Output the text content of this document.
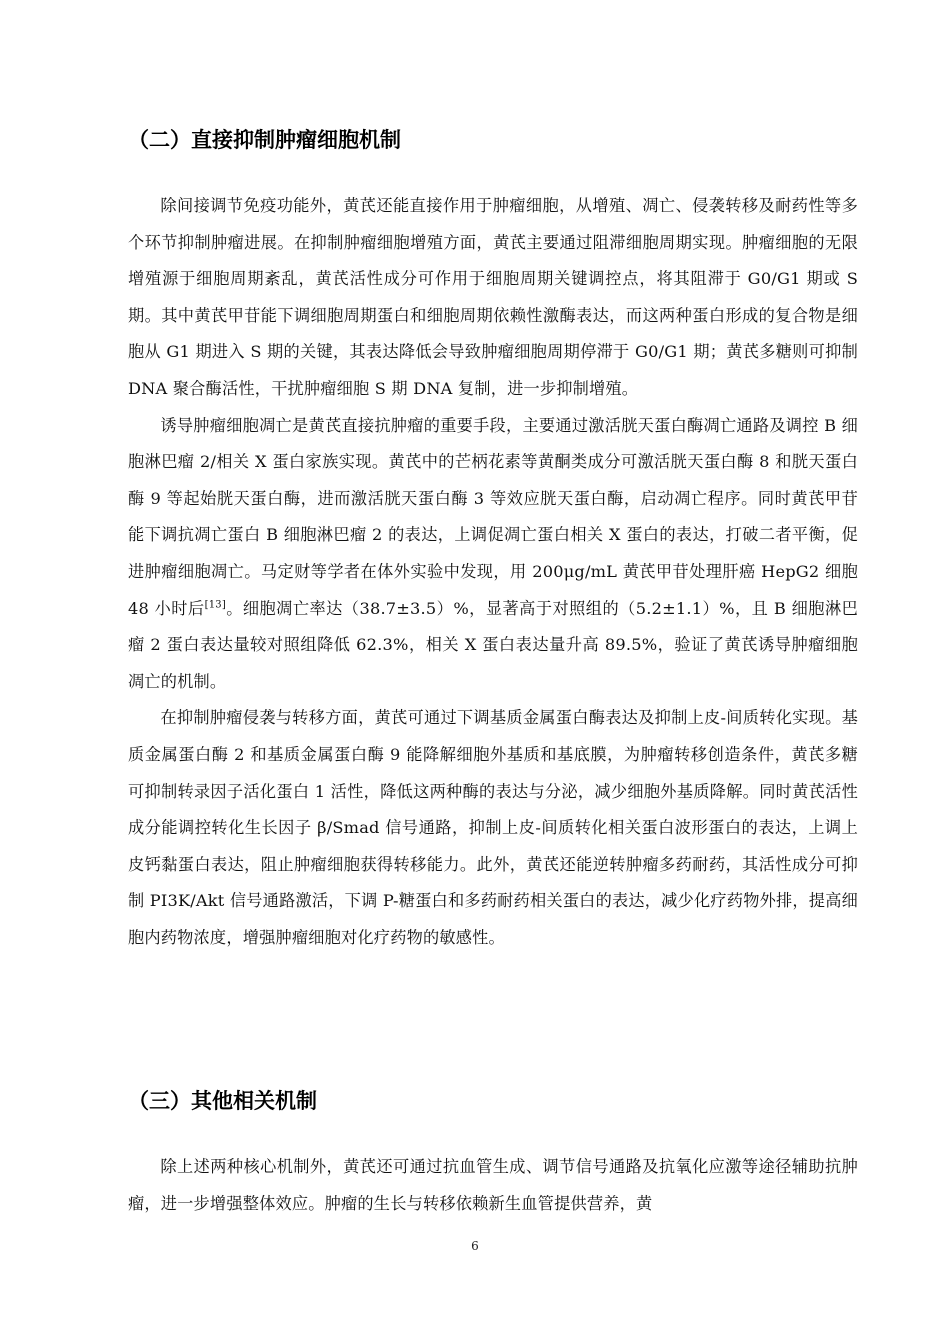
（二）直接抑制肿瘤细胞机制

除间接调节免疫功能外，黄芪还能直接作用于肿瘤细胞，从增殖、凋亡、侵袭转移及耐药性等多个环节抑制肿瘤进展。在抑制肿瘤细胞增殖方面，黄芪主要通过阻滞细胞周期实现。肿瘤细胞的无限增殖源于细胞周期紊乱，黄芪活性成分可作用于细胞周期关键调控点，将其阻滞于 G0/G1 期或 S 期。其中黄芪甲苷能下调细胞周期蛋白和细胞周期依赖性激酶表达，而这两种蛋白形成的复合物是细胞从 G1 期进入 S 期的关键，其表达降低会导致肿瘤细胞周期停滞于 G0/G1 期；黄芪多糖则可抑制 DNA 聚合酶活性，干扰肿瘤细胞 S 期 DNA 复制，进一步抑制增殖。

诱导肿瘤细胞凋亡是黄芪直接抗肿瘤的重要手段，主要通过激活胱天蛋白酶凋亡通路及调控 B 细胞淋巴瘤 2/相关 X 蛋白家族实现。黄芪中的芒柄花素等黄酮类成分可激活胱天蛋白酶 8 和胱天蛋白酶 9 等起始胱天蛋白酶，进而激活胱天蛋白酶 3 等效应胱天蛋白酶，启动凋亡程序。同时黄芪甲苷能下调抗凋亡蛋白 B 细胞淋巴瘤 2 的表达，上调促凋亡蛋白相关 X 蛋白的表达，打破二者平衡，促进肿瘤细胞凋亡。马定财等学者在体外实验中发现，用 200μg/mL 黄芪甲苷处理肝癌 HepG2 细胞 48 小时后[13]。细胞凋亡率达（38.7±3.5）%，显著高于对照组的（5.2±1.1）%，且 B 细胞淋巴瘤 2 蛋白表达量较对照组降低 62.3%，相关 X 蛋白表达量升高 89.5%，验证了黄芪诱导肿瘤细胞凋亡的机制。

在抑制肿瘤侵袭与转移方面，黄芪可通过下调基质金属蛋白酶表达及抑制上皮-间质转化实现。基质金属蛋白酶 2 和基质金属蛋白酶 9 能降解细胞外基质和基底膜，为肿瘤转移创造条件，黄芪多糖可抑制转录因子活化蛋白 1 活性，降低这两种酶的表达与分泌，减少细胞外基质降解。同时黄芪活性成分能调控转化生长因子 β/Smad 信号通路，抑制上皮-间质转化相关蛋白波形蛋白的表达，上调上皮钙黏蛋白表达，阻止肿瘤细胞获得转移能力。此外，黄芪还能逆转肿瘤多药耐药，其活性成分可抑制 PI3K/Akt 信号通路激活，下调 P-糖蛋白和多药耐药相关蛋白的表达，减少化疗药物外排，提高细胞内药物浓度，增强肿瘤细胞对化疗药物的敏感性。

（三）其他相关机制

除上述两种核心机制外，黄芪还可通过抗血管生成、调节信号通路及抗氧化应激等途径辅助抗肿瘤，进一步增强整体效应。肿瘤的生长与转移依赖新生血管提供营养，黄

6
